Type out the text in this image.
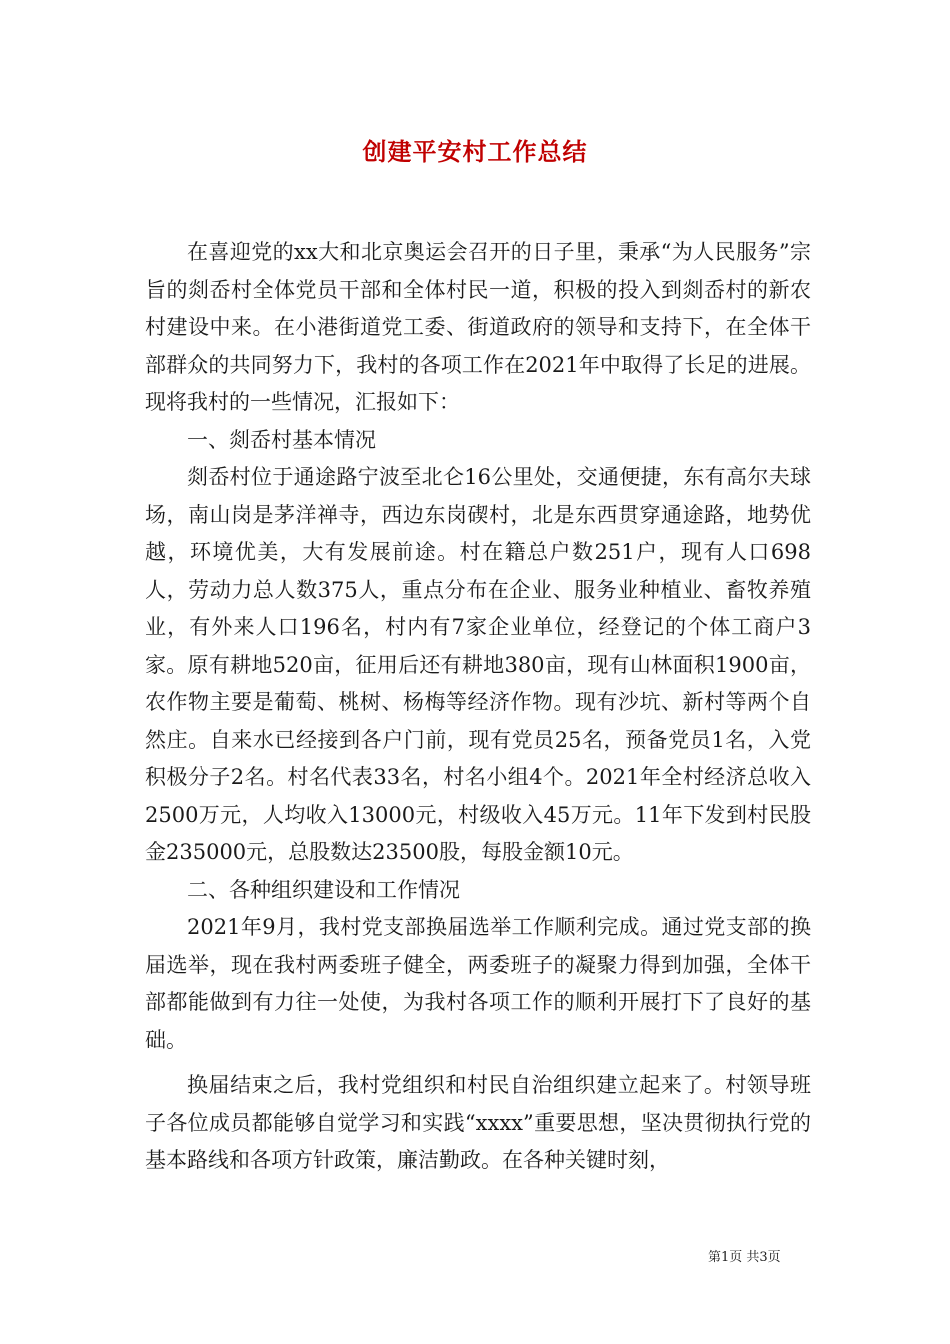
创建平安村工作总结

在喜迎党的xx大和北京奥运会召开的日子里，秉承“为人民服务”宗旨的剡岙村全体党员干部和全体村民一道，积极的投入到剡岙村的新农村建设中来。在小港街道党工委、街道政府的领导和支持下，在全体干部群众的共同努力下，我村的各项工作在2021年中取得了长足的进展。现将我村的一些情况，汇报如下：

一、剡岙村基本情况

剡岙村位于通途路宁波至北仑16公里处，交通便捷，东有高尔夫球场，南山岗是茅洋禅寺，西边东岗碶村，北是东西贯穿通途路，地势优越，环境优美，大有发展前途。村在籍总户数251户，现有人口698人，劳动力总人数375人，重点分布在企业、服务业种植业、畜牧养殖业，有外来人口196名，村内有7家企业单位，经登记的个体工商户3家。原有耕地520亩，征用后还有耕地380亩，现有山林面积1900亩，农作物主要是葡萄、桃树、杨梅等经济作物。现有沙坑、新村等两个自然庄。自来水已经接到各户门前，现有党员25名，预备党员1名，入党积极分子2名。村名代表33名，村名小组4个。2021年全村经济总收入2500万元，人均收入13000元，村级收入45万元。11年下发到村民股金235000元，总股数达23500股，每股金额10元。

二、各种组织建设和工作情况

2021年9月，我村党支部换届选举工作顺利完成。通过党支部的换届选举，现在我村两委班子健全，两委班子的凝聚力得到加强，全体干部都能做到有力往一处使，为我村各项工作的顺利开展打下了良好的基础。

换届结束之后，我村党组织和村民自治组织建立起来了。村领导班子各位成员都能够自觉学习和实践“xxxx”重要思想，坚决贯彻执行党的基本路线和各项方针政策，廉洁勤政。在各种关键时刻，

第1页 共3页
